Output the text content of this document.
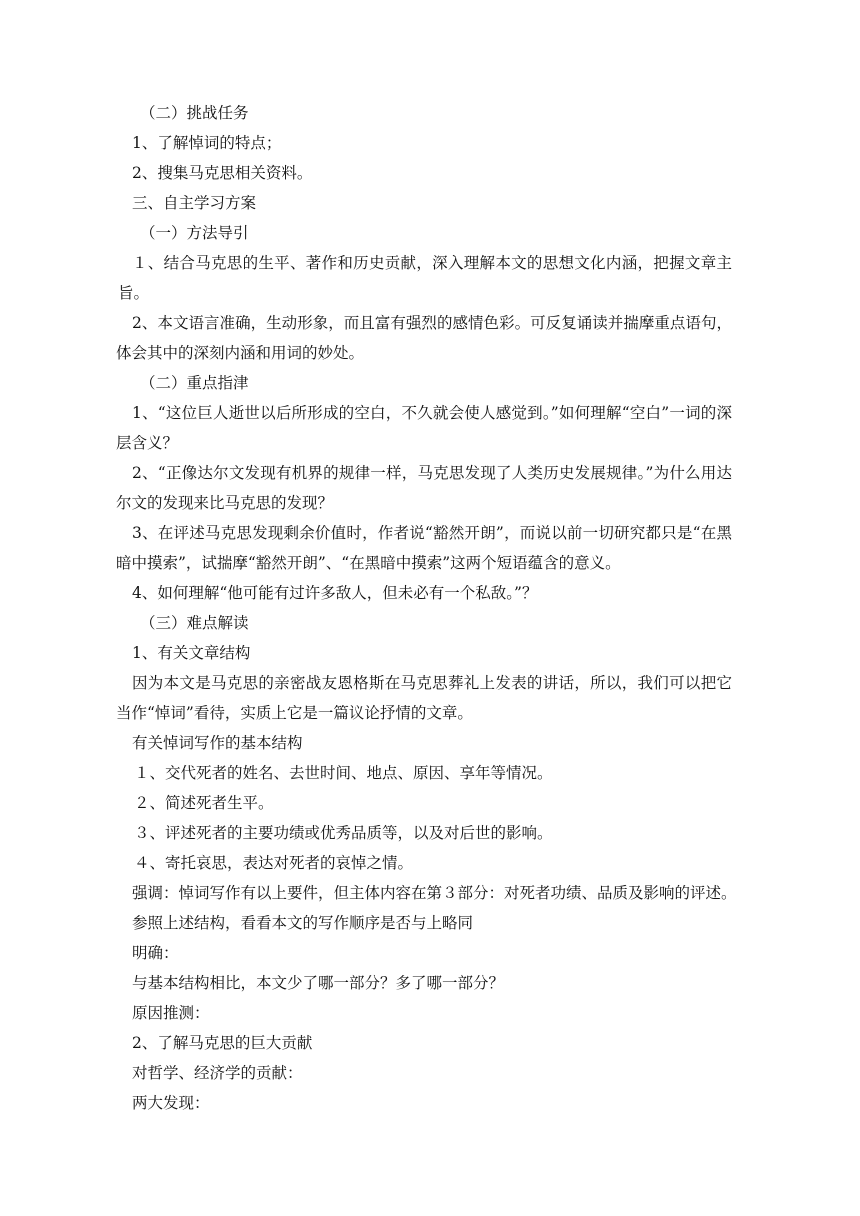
（二）挑战任务
1、了解悼词的特点；
2、搜集马克思相关资料。
三、自主学习方案
（一）方法导引
１、结合马克思的生平、著作和历史贡献，深入理解本文的思想文化内涵，把握文章主旨。
2、本文语言准确，生动形象，而且富有强烈的感情色彩。可反复诵读并揣摩重点语句，体会其中的深刻内涵和用词的妙处。
（二）重点指津
1、“这位巨人逝世以后所形成的空白，不久就会使人感觉到。”如何理解“空白”一词的深层含义？
2、“正像达尔文发现有机界的规律一样，马克思发现了人类历史发展规律。”为什么用达尔文的发现来比马克思的发现？
3、在评述马克思发现剩余价值时，作者说“豁然开朗”，而说以前一切研究都只是“在黑暗中摸索”，试揣摩“豁然开朗”、“在黑暗中摸索”这两个短语蕴含的意义。
4、如何理解“他可能有过许多敌人，但未必有一个私敌。”？
（三）难点解读
1、有关文章结构
因为本文是马克思的亲密战友恩格斯在马克思葬礼上发表的讲话，所以，我们可以把它当作“悼词”看待，实质上它是一篇议论抒情的文章。
有关悼词写作的基本结构
１、交代死者的姓名、去世时间、地点、原因、享年等情况。
２、简述死者生平。
３、评述死者的主要功绩或优秀品质等，以及对后世的影响。
４、寄托哀思，表达对死者的哀悼之情。
强调：悼词写作有以上要件，但主体内容在第３部分：对死者功绩、品质及影响的评述。
参照上述结构，看看本文的写作顺序是否与上略同
明确：
与基本结构相比，本文少了哪一部分？多了哪一部分？
原因推测：
2、了解马克思的巨大贡献
对哲学、经济学的贡献：
两大发现：
